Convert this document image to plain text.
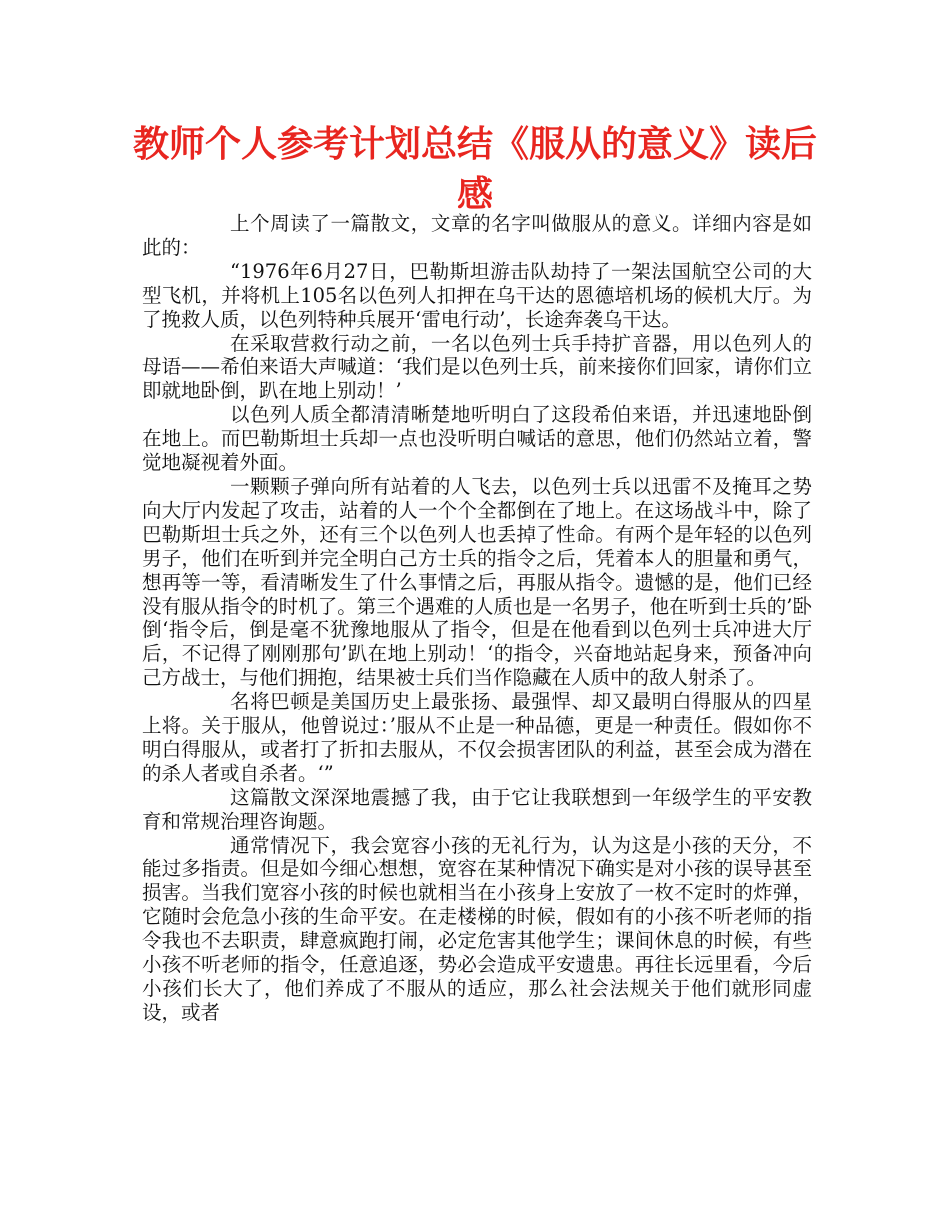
教师个人参考计划总结《服从的意义》读后感

上个周读了一篇散文，文章的名字叫做服从的意义。详细内容是如此的：

“1976年6月27日，巴勒斯坦游击队劫持了一架法国航空公司的大型飞机，并将机上105名以色列人扣押在乌干达的恩德培机场的候机大厅。为了挽救人质，以色列特种兵展开‘雷电行动’，长途奔袭乌干达。

在采取营救行动之前，一名以色列士兵手持扩音器，用以色列人的母语——希伯来语大声喊道：‘我们是以色列士兵，前来接你们回家，请你们立即就地卧倒，趴在地上别动！’

以色列人质全都清清晰楚地听明白了这段希伯来语，并迅速地卧倒在地上。而巴勒斯坦士兵却一点也没听明白喊话的意思，他们仍然站立着，警觉地凝视着外面。

一颗颗子弹向所有站着的人飞去，以色列士兵以迅雷不及掩耳之势向大厅内发起了攻击，站着的人一个个全都倒在了地上。在这场战斗中，除了巴勒斯坦士兵之外，还有三个以色列人也丢掉了性命。有两个是年轻的以色列男子，他们在听到并完全明白己方士兵的指令之后，凭着本人的胆量和勇气，想再等一等，看清晰发生了什么事情之后，再服从指令。遗憾的是，他们已经没有服从指令的时机了。第三个遇难的人质也是一名男子，他在听到士兵的’卧倒‘指令后，倒是毫不犹豫地服从了指令，但是在他看到以色列士兵冲进大厅后，不记得了刚刚那句’趴在地上别动！‘的指令，兴奋地站起身来，预备冲向己方战士，与他们拥抱，结果被士兵们当作隐藏在人质中的敌人射杀了。

名将巴顿是美国历史上最张扬、最强悍、却又最明白得服从的四星上将。关于服从，他曾说过：’服从不止是一种品德，更是一种责任。假如你不明白得服从，或者打了折扣去服从，不仅会损害团队的利益，甚至会成为潜在的杀人者或自杀者。‘”

这篇散文深深地震撼了我，由于它让我联想到一年级学生的平安教育和常规治理咨询题。

通常情况下，我会宽容小孩的无礼行为，认为这是小孩的天分，不能过多指责。但是如今细心想想，宽容在某种情况下确实是对小孩的误导甚至损害。当我们宽容小孩的时候也就相当在小孩身上安放了一枚不定时的炸弹，它随时会危急小孩的生命平安。在走楼梯的时候，假如有的小孩不听老师的指令我也不去职责，肆意疯跑打闹，必定危害其他学生；课间休息的时候，有些小孩不听老师的指令，任意追逐，势必会造成平安遗患。再往长远里看，今后小孩们长大了，他们养成了不服从的适应，那么社会法规关于他们就形同虚设，或者
